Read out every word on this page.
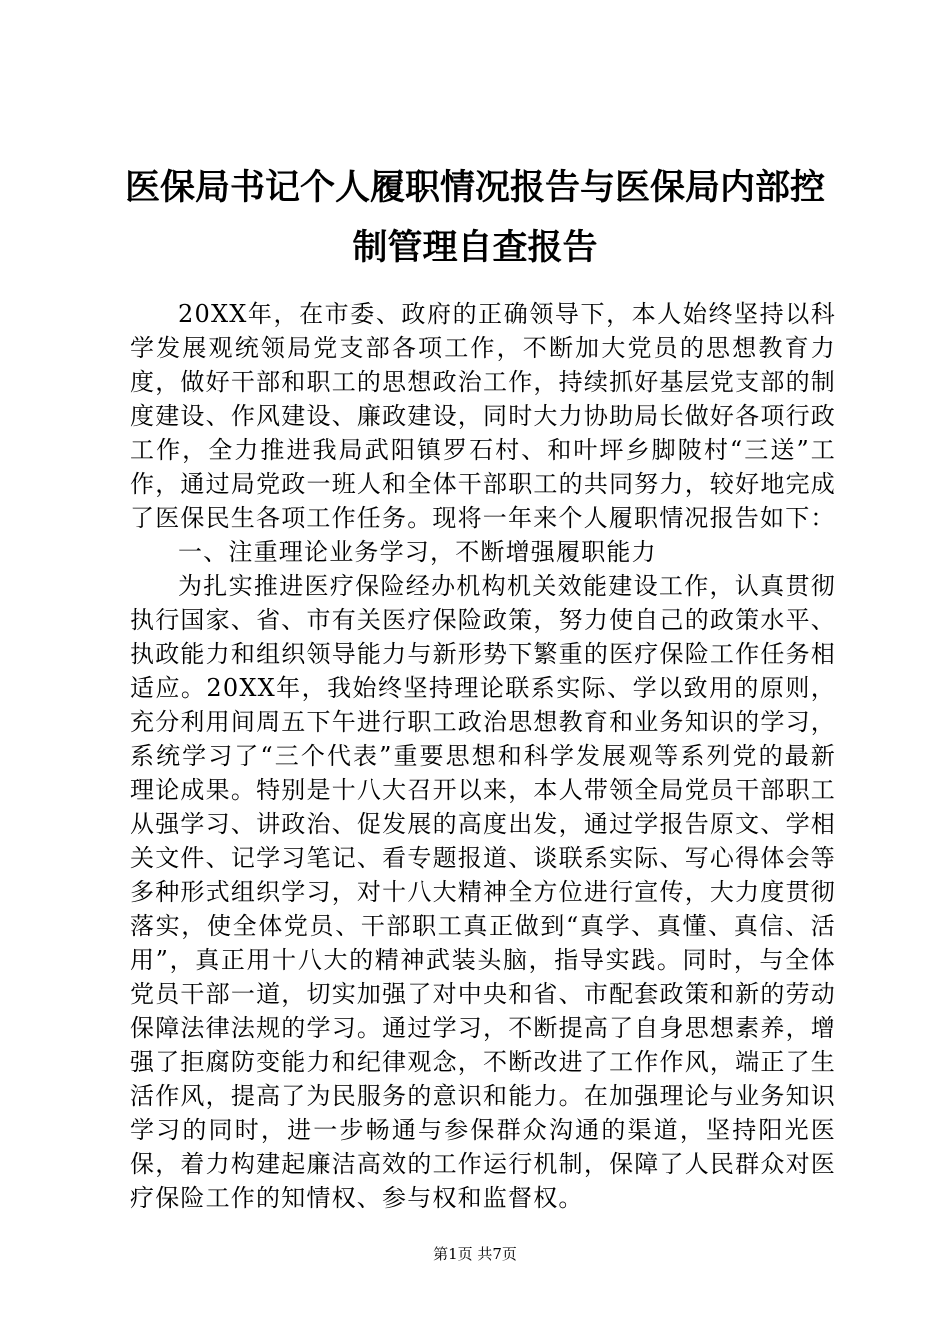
医保局书记个人履职情况报告与医保局内部控制管理自查报告

20XX年，在市委、政府的正确领导下，本人始终坚持以科学发展观统领局党支部各项工作，不断加大党员的思想教育力度，做好干部和职工的思想政治工作，持续抓好基层党支部的制度建设、作风建设、廉政建设，同时大力协助局长做好各项行政工作，全力推进我局武阳镇罗石村、和叶坪乡脚陂村“三送”工作，通过局党政一班人和全体干部职工的共同努力，较好地完成了医保民生各项工作任务。现将一年来个人履职情况报告如下：

一、注重理论业务学习，不断增强履职能力

为扎实推进医疗保险经办机构机关效能建设工作，认真贯彻执行国家、省、市有关医疗保险政策，努力使自己的政策水平、执政能力和组织领导能力与新形势下繁重的医疗保险工作任务相适应。20XX年，我始终坚持理论联系实际、学以致用的原则，充分利用间周五下午进行职工政治思想教育和业务知识的学习，系统学习了“三个代表”重要思想和科学发展观等系列党的最新理论成果。特别是十八大召开以来，本人带领全局党员干部职工从强学习、讲政治、促发展的高度出发，通过学报告原文、学相关文件、记学习笔记、看专题报道、谈联系实际、写心得体会等多种形式组织学习，对十八大精神全方位进行宣传，大力度贯彻落实，使全体党员、干部职工真正做到“真学、真懂、真信、活用”，真正用十八大的精神武装头脑，指导实践。同时，与全体党员干部一道，切实加强了对中央和省、市配套政策和新的劳动保障法律法规的学习。通过学习，不断提高了自身思想素养，增强了拒腐防变能力和纪律观念，不断改进了工作作风，端正了生活作风，提高了为民服务的意识和能力。在加强理论与业务知识学习的同时，进一步畅通与参保群众沟通的渠道，坚持阳光医保，着力构建起廉洁高效的工作运行机制，保障了人民群众对医疗保险工作的知情权、参与权和监督权。

第1页 共7页
